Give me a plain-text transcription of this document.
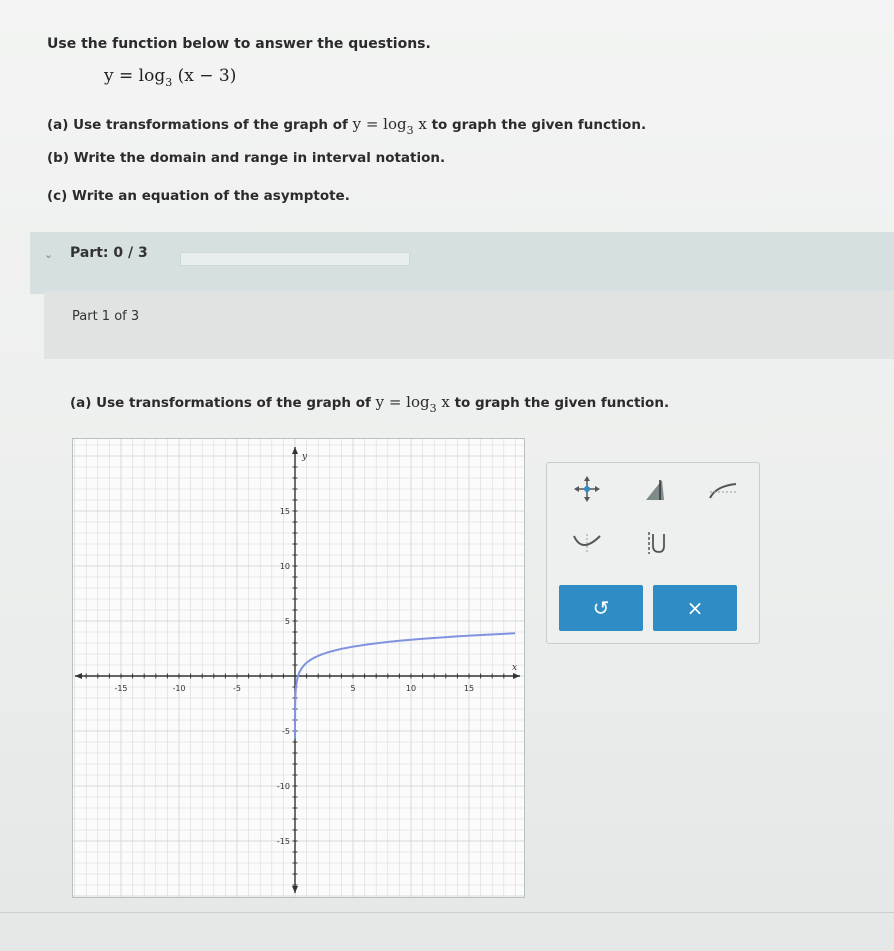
Use the function below to answer the questions.
$y = \log_3 (x - 3)$
(a) Use transformations of the graph of $y = \log_3 x$ to graph the given function.
(b) Write the domain and range in interval notation.
(c) Write an equation of the asymptote.
⌄ Part: 0 / 3
Part 1 of 3
(a) Use transformations of the graph of $y = \log_3 x$ to graph the given function.
-15	-10	-5	5	10	15
15
10
5
-5
-10
-15
x
y
↺	×
